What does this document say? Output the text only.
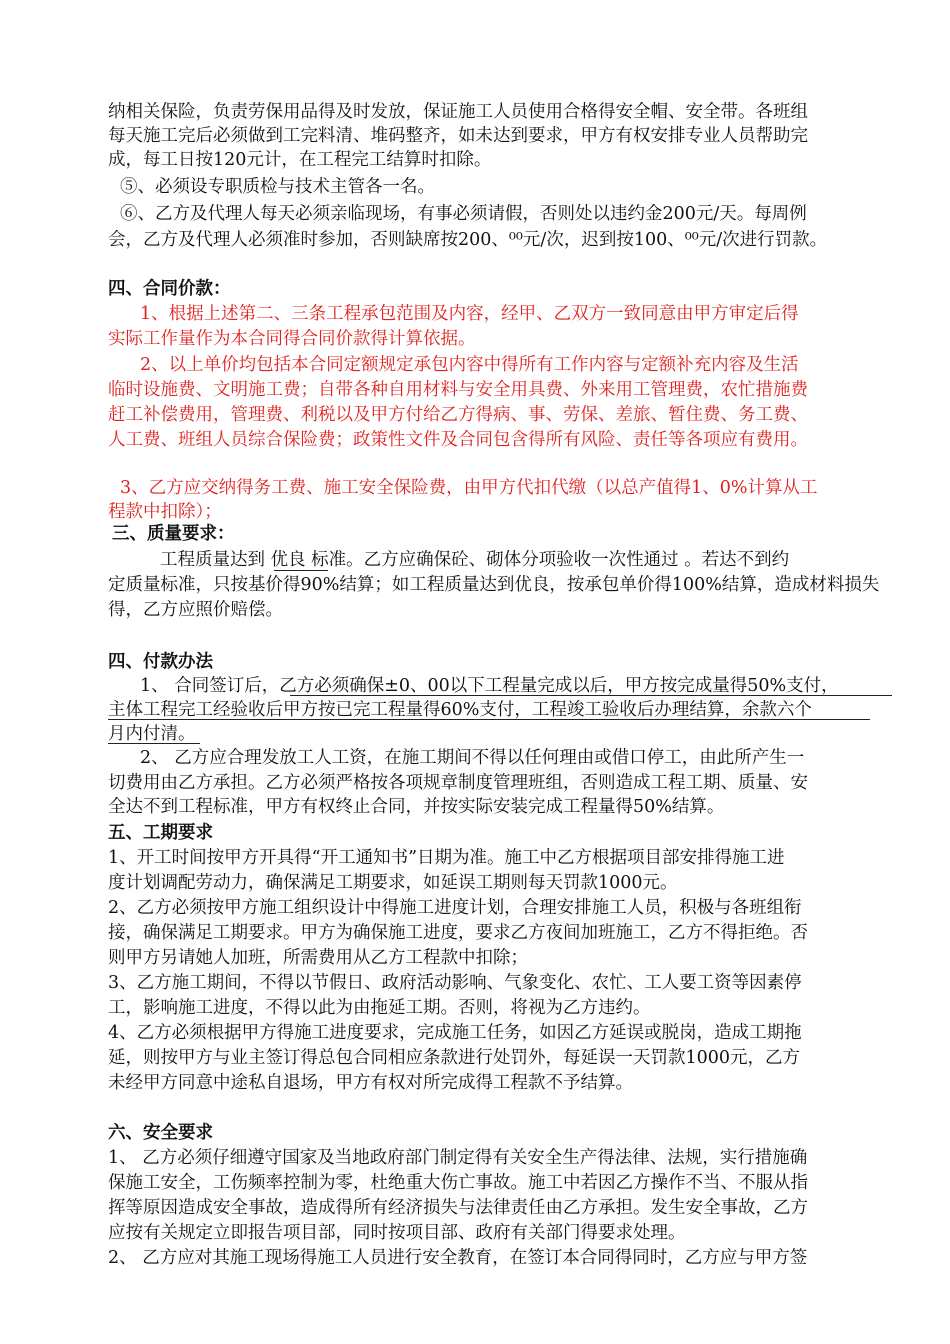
纳相关保险，负责劳保用品得及时发放，保证施工人员使用合格得安全帽、安全带。各班组
每天施工完后必须做到工完料清、堆码整齐，如未达到要求，甲方有权安排专业人员帮助完
成，每工日按120元计，在工程完工结算时扣除。
⑤、必须设专职质检与技术主管各一名。
⑥、乙方及代理人每天必须亲临现场，有事必须请假，否则处以违约金200元/天。每周例
会，乙方及代理人必须准时参加，否则缺席按200、⁰⁰元/次，迟到按100、⁰⁰元/次进行罚款。
四、合同价款：
1、根据上述第二、三条工程承包范围及内容，经甲、乙双方一致同意由甲方审定后得
实际工作量作为本合同得合同价款得计算依据。
2、以上单价均包括本合同定额规定承包内容中得所有工作内容与定额补充内容及生活
临时设施费、文明施工费；自带各种自用材料与安全用具费、外来用工管理费，农忙措施费
赶工补偿费用，管理费、利税以及甲方付给乙方得病、事、劳保、差旅、暂住费、务工费、
人工费、班组人员综合保险费；政策性文件及合同包含得所有风险、责任等各项应有费用。
3、乙方应交纳得务工费、施工安全保险费，由甲方代扣代缴（以总产值得1、0%计算从工
程款中扣除）；
三、质量要求：
工程质量达到 优良 标准。乙方应确保砼、砌体分项验收一次性通过 。若达不到约
定质量标准，只按基价得90%结算；如工程质量达到优良，按承包单价得100%结算，造成材料损失
得，乙方应照价赔偿。
四、付款办法
1、 合同签订后，乙方必须确保±0、00以下工程量完成以后，甲方按完成量得50%支付，
主体工程完工经验收后甲方按已完工程量得60%支付，工程竣工验收后办理结算，余款六个
月内付清。
2、 乙方应合理发放工人工资，在施工期间不得以任何理由或借口停工，由此所产生一
切费用由乙方承担。乙方必须严格按各项规章制度管理班组，否则造成工程工期、质量、安
全达不到工程标准，甲方有权终止合同，并按实际安装完成工程量得50%结算。
五、工期要求
1、开工时间按甲方开具得“开工通知书”日期为准。施工中乙方根据项目部安排得施工进
度计划调配劳动力，确保满足工期要求，如延误工期则每天罚款1000元。
2、乙方必须按甲方施工组织设计中得施工进度计划，合理安排施工人员，积极与各班组衔
接，确保满足工期要求。甲方为确保施工进度，要求乙方夜间加班施工，乙方不得拒绝。否
则甲方另请她人加班，所需费用从乙方工程款中扣除；
3、乙方施工期间，不得以节假日、政府活动影响、气象变化、农忙、工人要工资等因素停
工，影响施工进度，不得以此为由拖延工期。否则，将视为乙方违约。
4、乙方必须根据甲方得施工进度要求，完成施工任务，如因乙方延误或脱岗，造成工期拖
延，则按甲方与业主签订得总包合同相应条款进行处罚外，每延误一天罚款1000元，乙方
未经甲方同意中途私自退场，甲方有权对所完成得工程款不予结算。
六、安全要求
1、 乙方必须仔细遵守国家及当地政府部门制定得有关安全生产得法律、法规，实行措施确
保施工安全，工伤频率控制为零，杜绝重大伤亡事故。施工中若因乙方操作不当、不服从指
挥等原因造成安全事故，造成得所有经济损失与法律责任由乙方承担。发生安全事故，乙方
应按有关规定立即报告项目部，同时按项目部、政府有关部门得要求处理。
2、 乙方应对其施工现场得施工人员进行安全教育，在签订本合同得同时，乙方应与甲方签
